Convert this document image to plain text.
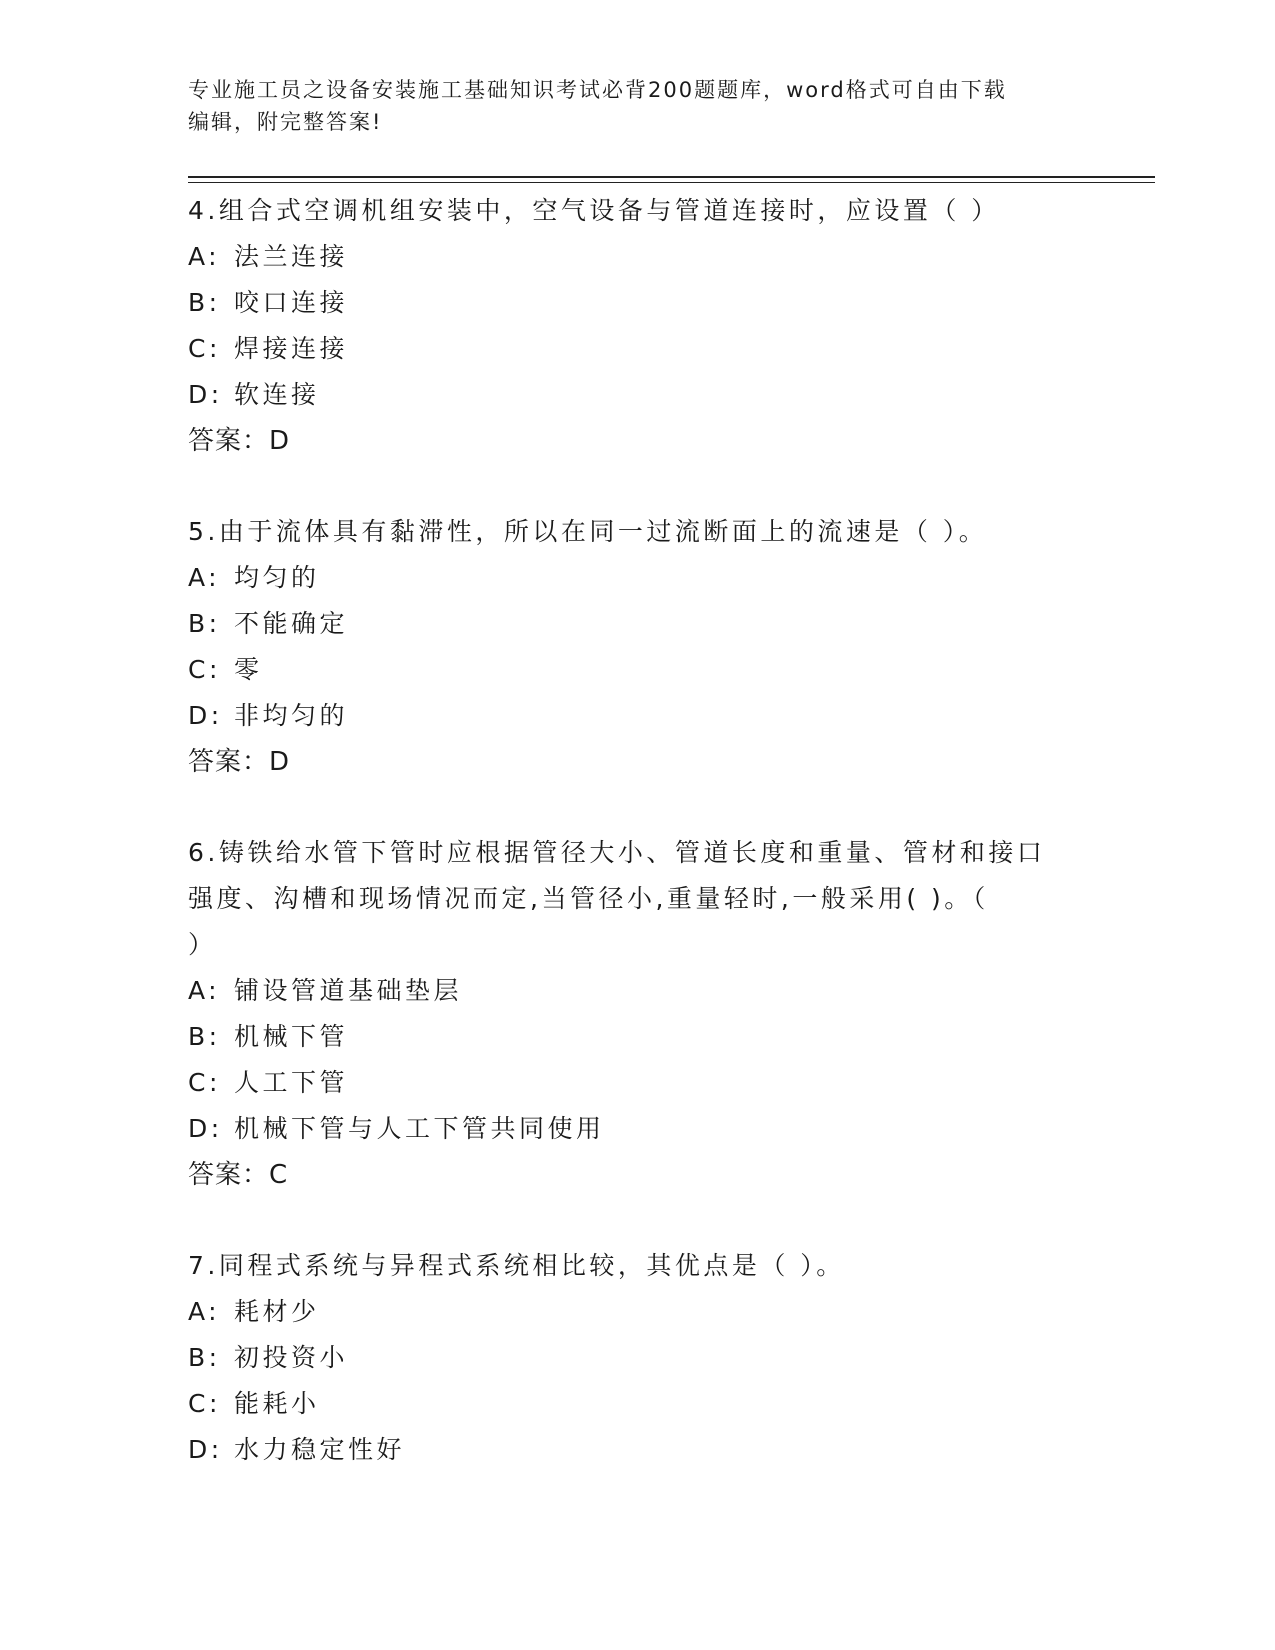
专业施工员之设备安装施工基础知识考试必背200题题库，word格式可自由下载
编辑，附完整答案!
4.组合式空调机组安装中，空气设备与管道连接时，应设置（ ）
A: 法兰连接
B: 咬口连接
C: 焊接连接
D: 软连接
答案：D
5.由于流体具有黏滞性，所以在同一过流断面上的流速是（ ）。
A: 均匀的
B: 不能确定
C: 零
D: 非均匀的
答案：D
6.铸铁给水管下管时应根据管径大小、管道长度和重量、管材和接口
强度、沟槽和现场情况而定,当管径小,重量轻时,一般采用( )。（
）
A: 铺设管道基础垫层
B: 机械下管
C: 人工下管
D: 机械下管与人工下管共同使用
答案：C
7.同程式系统与异程式系统相比较，其优点是（ ）。
A: 耗材少
B: 初投资小
C: 能耗小
D: 水力稳定性好
